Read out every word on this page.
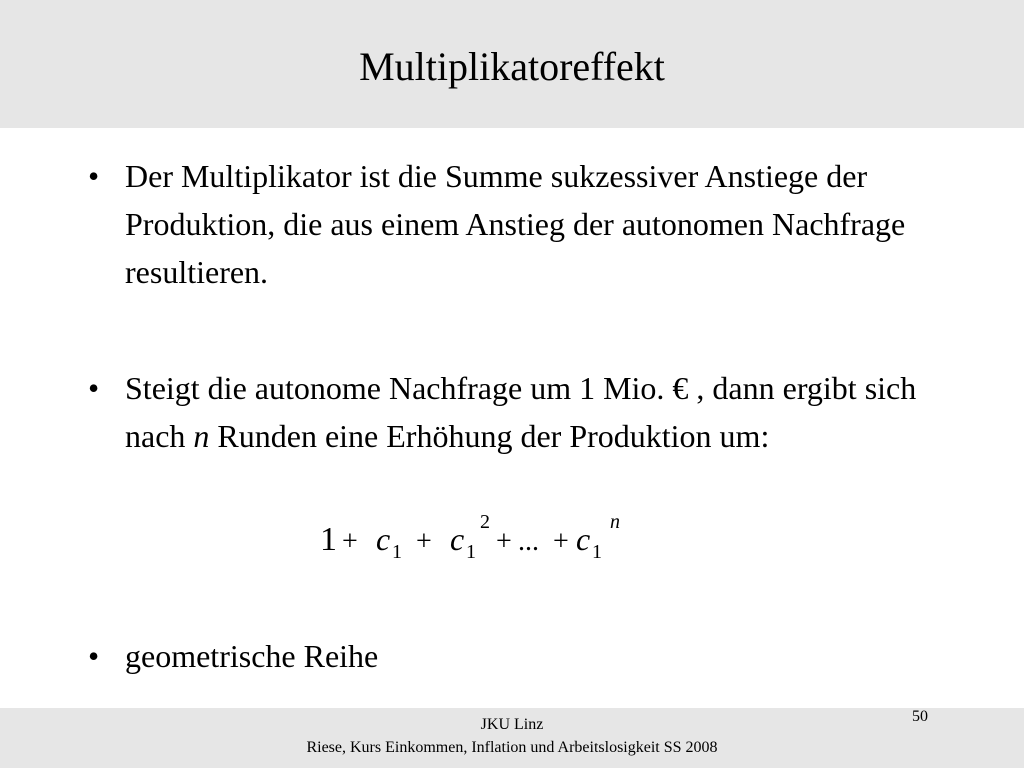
Multiplikatoreffekt
• Der Multiplikator ist die Summe sukzessiver Anstiege der Produktion, die aus einem Anstieg der autonomen Nachfrage resultieren.
• Steigt die autonome Nachfrage um 1 Mio. € , dann ergibt sich nach n Runden eine Erhöhung der Produktion um:
1 + c 1 + c 1
2
+ ... + c 1
n
• geometrische Reihe
JKU Linz
Riese, Kurs Einkommen, Inflation und Arbeitslosigkeit SS 2008
50
